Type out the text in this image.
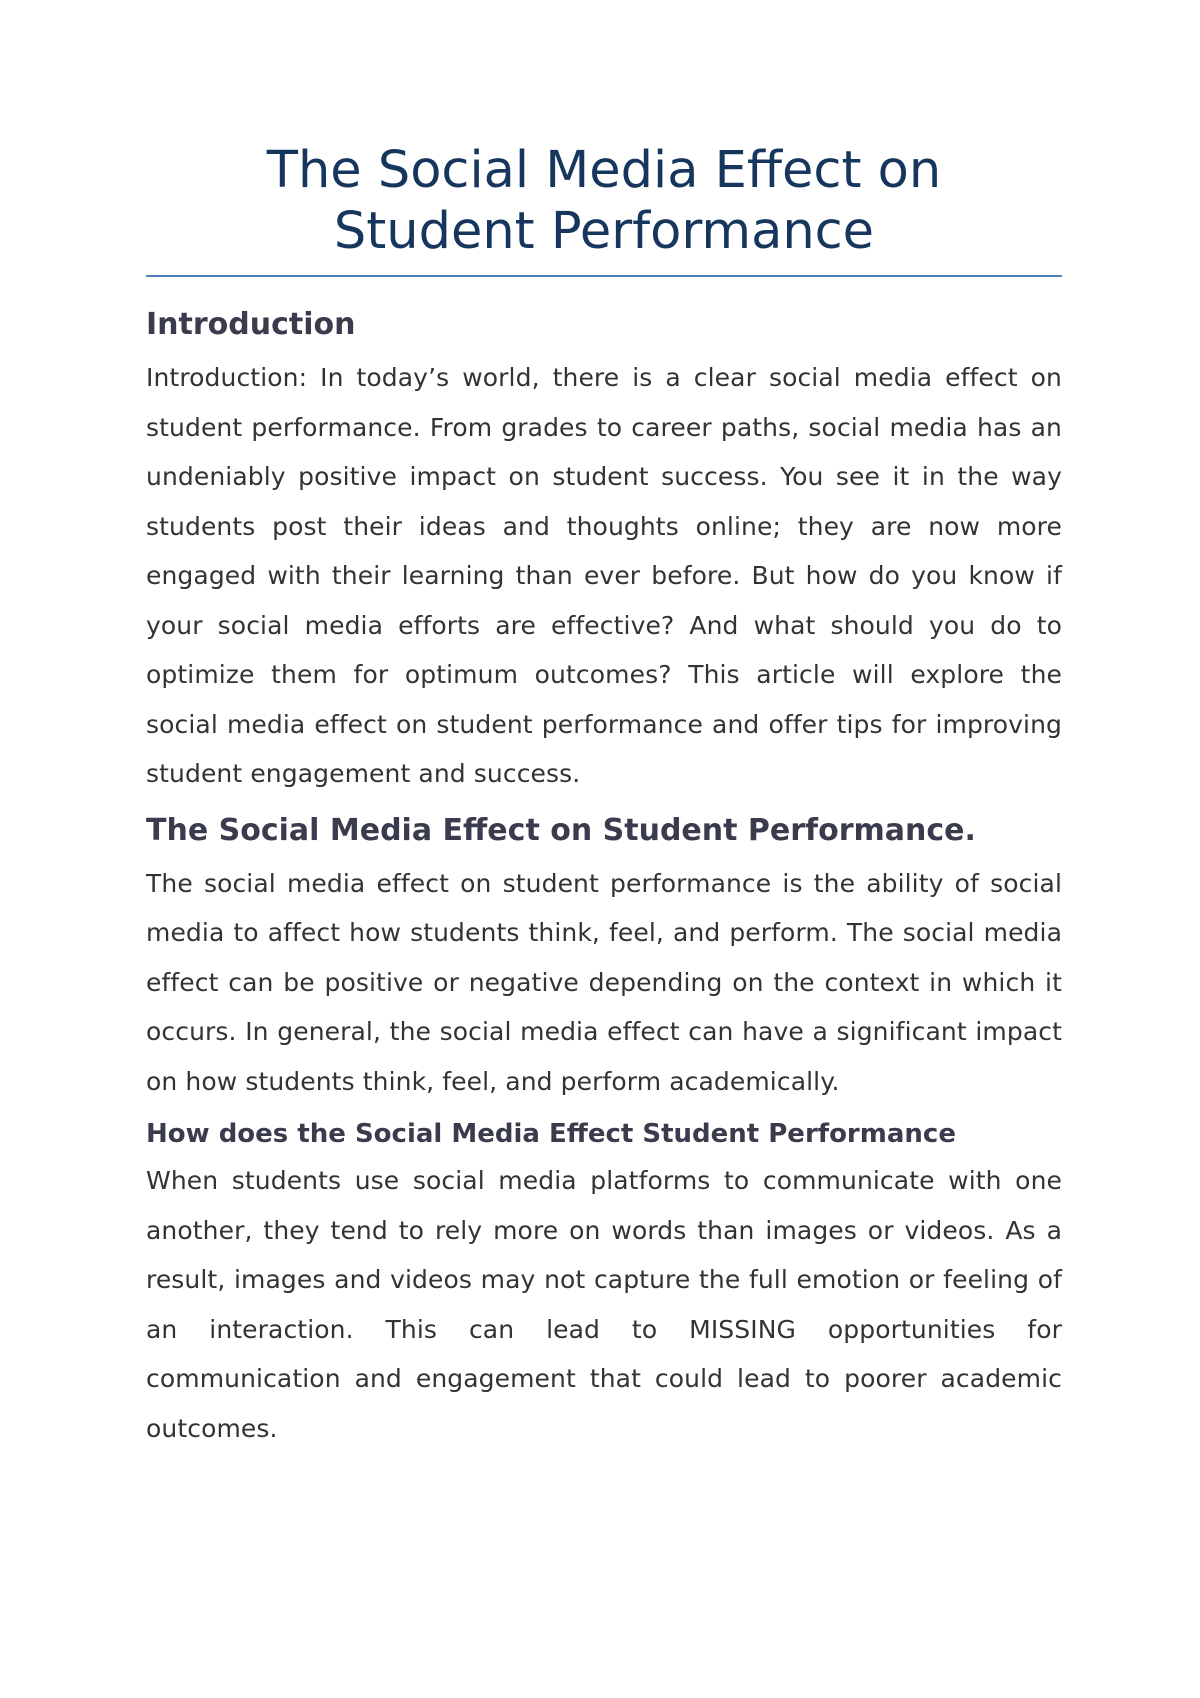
The Social Media Effect on
Student Performance
Introduction

Introduction: In today’s world, there is a clear social media effect on student performance. From grades to career paths, social media has an undeniably positive impact on student success. You see it in the way students post their ideas and thoughts online; they are now more engaged with their learning than ever before. But how do you know if your social media efforts are effective? And what should you do to optimize them for optimum outcomes? This article will explore the social media effect on student performance and offer tips for improving student engagement and success.

The Social Media Effect on Student Performance.

The social media effect on student performance is the ability of social media to affect how students think, feel, and perform. The social media effect can be positive or negative depending on the context in which it occurs. In general, the social media effect can have a significant impact on how students think, feel, and perform academically.

How does the Social Media Effect Student Performance

When students use social media platforms to communicate with one another, they tend to rely more on words than images or videos. As a result, images and videos may not capture the full emotion or feeling of an interaction. This can lead to MISSING opportunities for communication and engagement that could lead to poorer academic outcomes.
